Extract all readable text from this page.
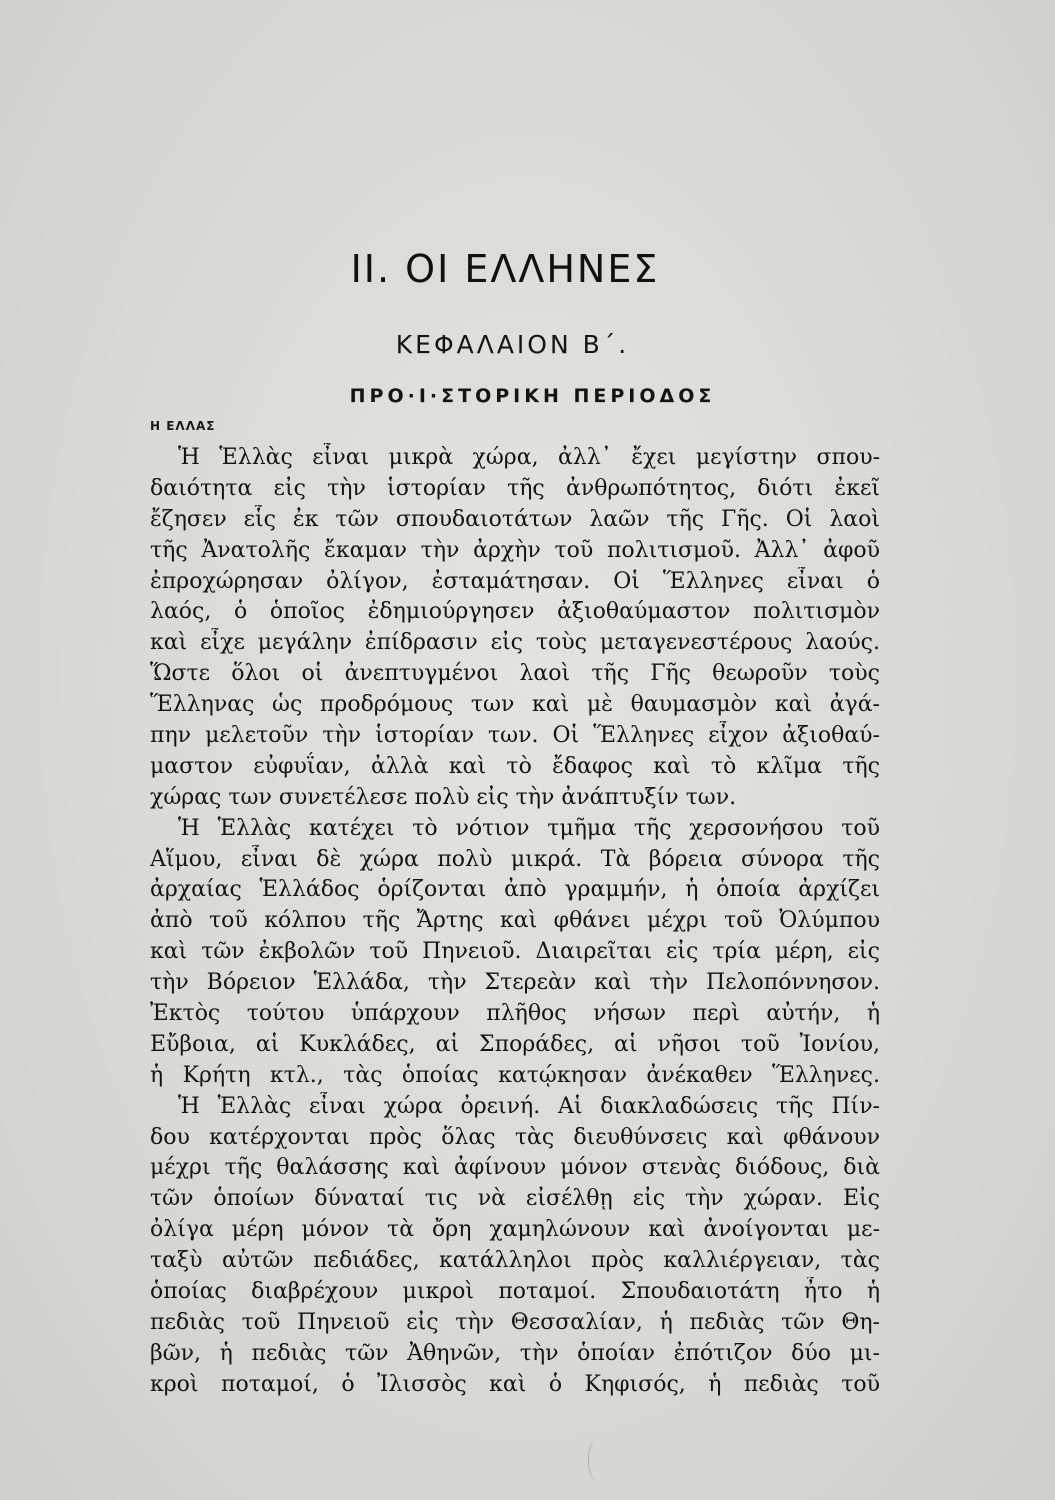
ΙΙ. ΟΙ ΕΛΛΗΝΕΣ
ΚΕΦΑΛΑΙΟΝ Β΄.
ΠΡΟ·Ι·ΣΤΟΡΙΚΗ ΠΕΡΙΟΔΟΣ
Η ΕΛΛΑΣ
Ἡ Ἑλλὰς εἶναι μικρὰ χώρα, ἀλλ᾽ ἔχει μεγίστην σπου-
δαιότητα εἰς τὴν ἱστορίαν τῆς ἀνθρωπότητος, διότι ἐκεῖ
ἔζησεν εἷς ἐκ τῶν σπουδαιοτάτων λαῶν τῆς Γῆς. Οἱ λαοὶ
τῆς Ἀνατολῆς ἔκαμαν τὴν ἀρχὴν τοῦ πολιτισμοῦ. Ἀλλ᾽ ἀφοῦ
ἐπροχώρησαν ὀλίγον, ἐσταμάτησαν. Οἱ Ἕλληνες εἶναι ὁ
λαός, ὁ ὁποῖος ἐδημιούργησεν ἀξιοθαύμαστον πολιτισμὸν
καὶ εἶχε μεγάλην ἐπίδρασιν εἰς τοὺς μεταγενεστέρους λαούς.
Ὥστε ὅλοι οἱ ἀνεπτυγμένοι λαοὶ τῆς Γῆς θεωροῦν τοὺς
Ἕλληνας ὡς προδρόμους των καὶ μὲ θαυμασμὸν καὶ ἀγά-
πην μελετοῦν τὴν ἱστορίαν των. Οἱ Ἕλληνες εἶχον ἀξιοθαύ-
μαστον εὐφυΐαν, ἀλλὰ καὶ τὸ ἔδαφος καὶ τὸ κλῖμα τῆς
χώρας των συνετέλεσε πολὺ εἰς τὴν ἀνάπτυξίν των.
Ἡ Ἑλλὰς κατέχει τὸ νότιον τμῆμα τῆς χερσονήσου τοῦ
Αἵμου, εἶναι δὲ χώρα πολὺ μικρά. Τὰ βόρεια σύνορα τῆς
ἀρχαίας Ἑλλάδος ὁρίζονται ἀπὸ γραμμήν, ἡ ὁποία ἀρχίζει
ἀπὸ τοῦ κόλπου τῆς Ἄρτης καὶ φθάνει μέχρι τοῦ Ὀλύμπου
καὶ τῶν ἐκβολῶν τοῦ Πηνειοῦ. Διαιρεῖται εἰς τρία μέρη, εἰς
τὴν Βόρειον Ἑλλάδα, τὴν Στερεὰν καὶ τὴν Πελοπόννησον.
Ἐκτὸς τούτου ὑπάρχουν πλῆθος νήσων περὶ αὐτήν, ἡ
Εὔβοια, αἱ Κυκλάδες, αἱ Σποράδες, αἱ νῆσοι τοῦ Ἰονίου,
ἡ Κρήτη κτλ., τὰς ὁποίας κατῴκησαν ἀνέκαθεν Ἕλληνες.
Ἡ Ἑλλὰς εἶναι χώρα ὀρεινή. Αἱ διακλαδώσεις τῆς Πίν-
δου κατέρχονται πρὸς ὅλας τὰς διευθύνσεις καὶ φθάνουν
μέχρι τῆς θαλάσσης καὶ ἀφίνουν μόνον στενὰς διόδους, διὰ
τῶν ὁποίων δύναταί τις νὰ εἰσέλθῃ εἰς τὴν χώραν. Εἰς
ὀλίγα μέρη μόνον τὰ ὄρη χαμηλώνουν καὶ ἀνοίγονται με-
ταξὺ αὐτῶν πεδιάδες, κατάλληλοι πρὸς καλλιέργειαν, τὰς
ὁποίας διαβρέχουν μικροὶ ποταμοί. Σπουδαιοτάτη ἦτο ἡ
πεδιὰς τοῦ Πηνειοῦ εἰς τὴν Θεσσαλίαν, ἡ πεδιὰς τῶν Θη-
βῶν, ἡ πεδιὰς τῶν Ἀθηνῶν, τὴν ὁποίαν ἐπότιζον δύο μι-
κροὶ ποταμοί, ὁ Ἰλισσὸς καὶ ὁ Κηφισός, ἡ πεδιὰς τοῦ
